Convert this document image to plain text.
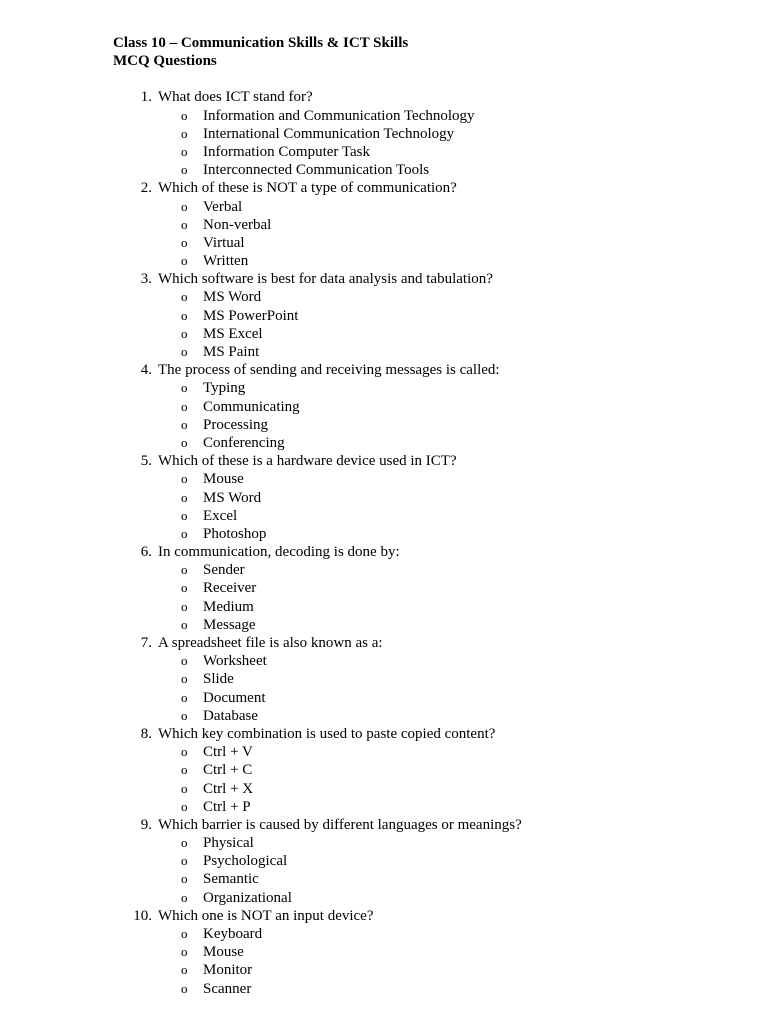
Class 10 – Communication Skills & ICT Skills
MCQ Questions
1. What does ICT stand for?
o Information and Communication Technology
o International Communication Technology
o Information Computer Task
o Interconnected Communication Tools
2. Which of these is NOT a type of communication?
o Verbal
o Non-verbal
o Virtual
o Written
3. Which software is best for data analysis and tabulation?
o MS Word
o MS PowerPoint
o MS Excel
o MS Paint
4. The process of sending and receiving messages is called:
o Typing
o Communicating
o Processing
o Conferencing
5. Which of these is a hardware device used in ICT?
o Mouse
o MS Word
o Excel
o Photoshop
6. In communication, decoding is done by:
o Sender
o Receiver
o Medium
o Message
7. A spreadsheet file is also known as a:
o Worksheet
o Slide
o Document
o Database
8. Which key combination is used to paste copied content?
o Ctrl + V
o Ctrl + C
o Ctrl + X
o Ctrl + P
9. Which barrier is caused by different languages or meanings?
o Physical
o Psychological
o Semantic
o Organizational
10. Which one is NOT an input device?
o Keyboard
o Mouse
o Monitor
o Scanner
